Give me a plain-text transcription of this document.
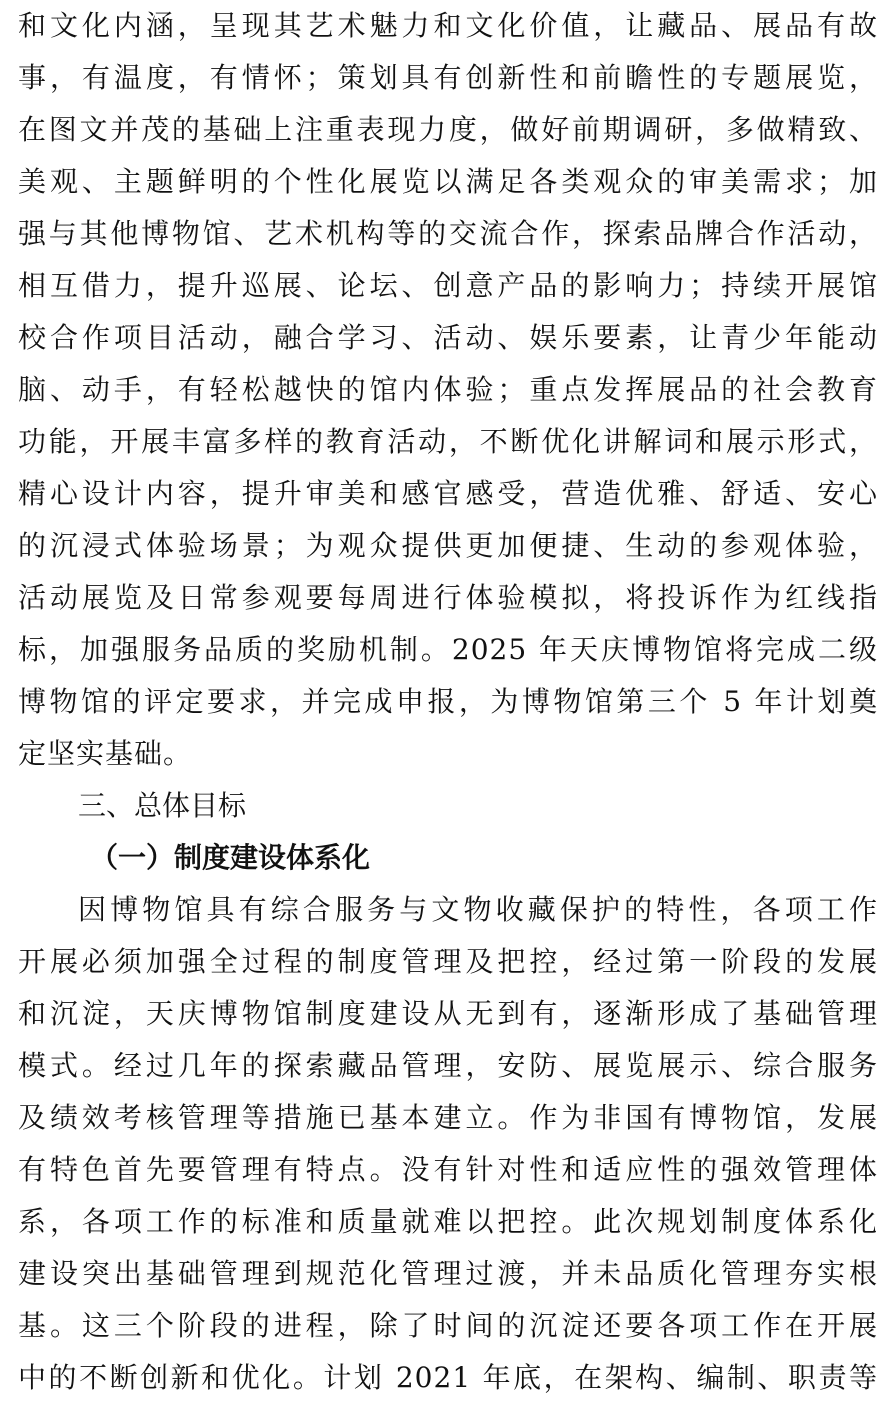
和文化内涵，呈现其艺术魅力和文化价值，让藏品、展品有故
事，有温度，有情怀；策划具有创新性和前瞻性的专题展览，
在图文并茂的基础上注重表现力度，做好前期调研，多做精致、
美观、主题鲜明的个性化展览以满足各类观众的审美需求；加
强与其他博物馆、艺术机构等的交流合作，探索品牌合作活动，
相互借力，提升巡展、论坛、创意产品的影响力；持续开展馆
校合作项目活动，融合学习、活动、娱乐要素，让青少年能动
脑、动手，有轻松越快的馆内体验；重点发挥展品的社会教育
功能，开展丰富多样的教育活动，不断优化讲解词和展示形式，
精心设计内容，提升审美和感官感受，营造优雅、舒适、安心
的沉浸式体验场景；为观众提供更加便捷、生动的参观体验，
活动展览及日常参观要每周进行体验模拟，将投诉作为红线指
标，加强服务品质的奖励机制。2025 年天庆博物馆将完成二级
博物馆的评定要求，并完成申报，为博物馆第三个 5 年计划奠
定坚实基础。
三、总体目标
（一）制度建设体系化
因博物馆具有综合服务与文物收藏保护的特性，各项工作
开展必须加强全过程的制度管理及把控，经过第一阶段的发展
和沉淀，天庆博物馆制度建设从无到有，逐渐形成了基础管理
模式。经过几年的探索藏品管理，安防、展览展示、综合服务
及绩效考核管理等措施已基本建立。作为非国有博物馆，发展
有特色首先要管理有特点。没有针对性和适应性的强效管理体
系，各项工作的标准和质量就难以把控。此次规划制度体系化
建设突出基础管理到规范化管理过渡，并未品质化管理夯实根
基。这三个阶段的进程，除了时间的沉淀还要各项工作在开展
中的不断创新和优化。计划 2021 年底，在架构、编制、职责等
